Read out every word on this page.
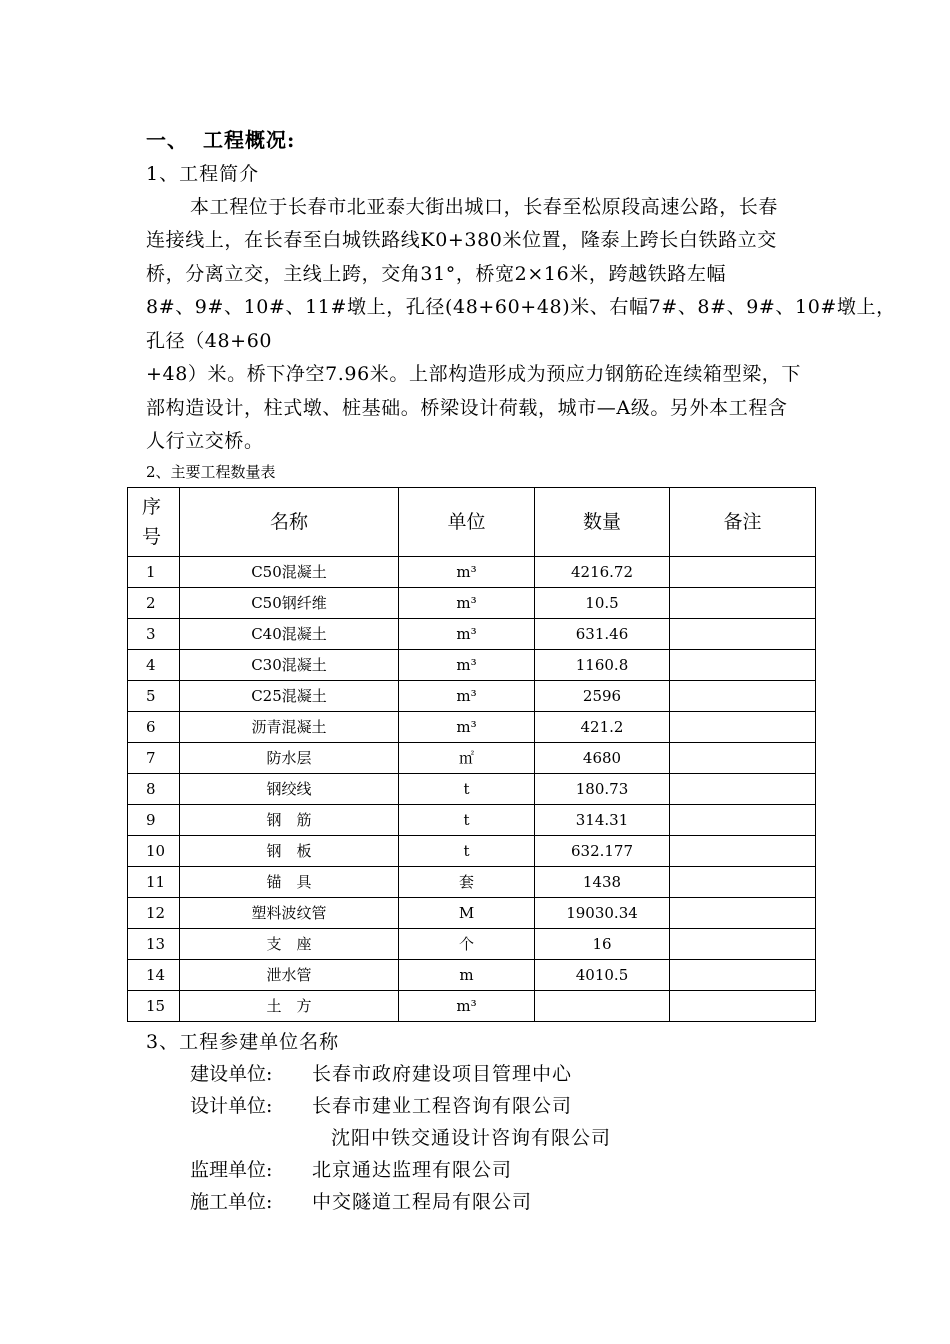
一、 工程概况:
1、工程简介
本工程位于长春市北亚泰大街出城口，长春至松原段高速公路，长春
连接线上，在长春至白城铁路线K0+380米位置，隆泰上跨长白铁路立交
桥，分离立交，主线上跨，交角31°，桥宽2×16米，跨越铁路左幅
8#、9#、10#、11#墩上，孔径(48+60+48)米、右幅7#、8#、9#、10#墩上，
孔径（48+60
+48）米。桥下净空7.96米。上部构造形成为预应力钢筋砼连续箱型梁，下
部构造设计，柱式墩、桩基础。桥梁设计荷载，城市—A级。另外本工程含
人行立交桥。
2、主要工程数量表
序
号	名称	单位	数量	备注
1	C50混凝土	m³	4216.72	
2	C50钢纤维	m³	10.5	
3	C40混凝土	m³	631.46	
4	C30混凝土	m³	1160.8	
5	C25混凝土	m³	2596	
6	沥青混凝土	m³	421.2	
7	防水层	㎡	4680	
8	钢绞线	t	180.73	
9	钢　筋	t	314.31	
10	钢　板	t	632.177	
11	锚　具	套	1438	
12	塑料波纹管	M	19030.34	
13	支　座	个	16	
14	泄水管	m	4010.5	
15	土　方	m³		
3、工程参建单位名称
建设单位: 长春市政府建设项目管理中心
设计单位: 长春市建业工程咨询有限公司
沈阳中铁交通设计咨询有限公司
监理单位: 北京通达监理有限公司
施工单位: 中交隧道工程局有限公司
